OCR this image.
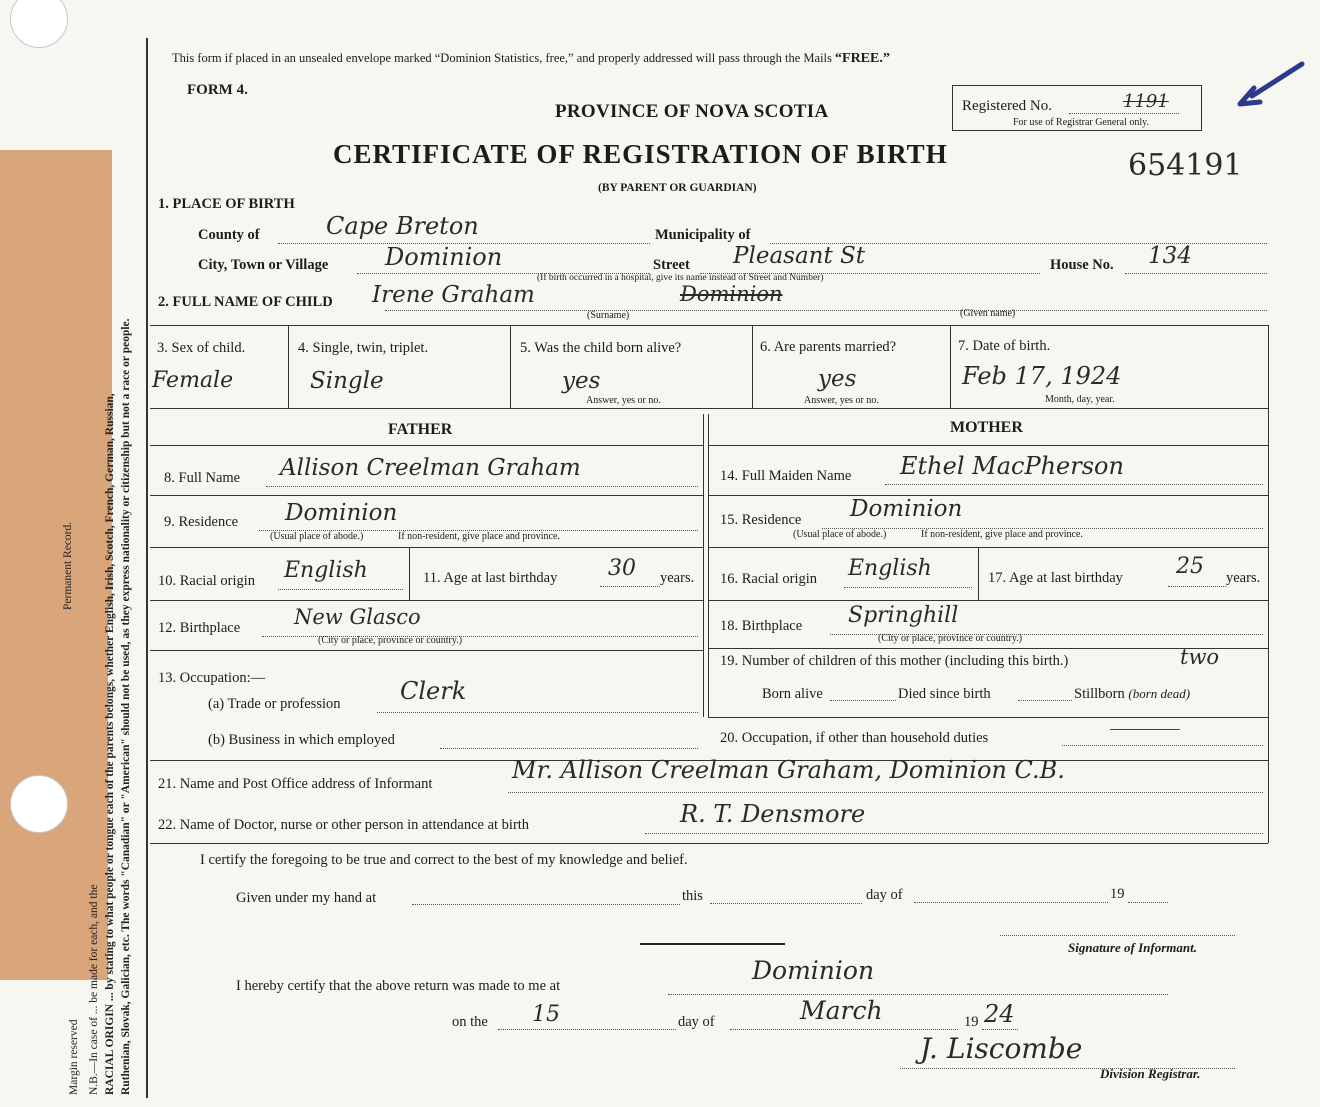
Ruthenian, Slovak, Galician, etc. The words "Canadian" or "American" should not be used, as they express nationality or citizenship but not a race or people.
RACIAL ORIGIN ... by stating to what people or tongue each of the parents belongs, whether English, Irish, Scotch, French, German, Russian,
N.B.—In case of ... be made for each, and the
Margin reserved
Permanent Record.
This form if placed in an unsealed envelope marked “Dominion Statistics, free,” and properly addressed will pass through the Mails “FREE.”
FORM 4.
PROVINCE OF NOVA SCOTIA	Registered No.	1191
For use of Registrar General only.
CERTIFICATE OF REGISTRATION OF BIRTH	654191
(BY PARENT OR GUARDIAN)
1. PLACE OF BIRTH
County of	Cape Breton	Municipality of
City, Town or Village Dominion	Street Pleasant St	House No. 134
(If birth occurred in a hospital, give its name instead of Street and Number)
2. FULL NAME OF CHILD Irene Graham	Dominion
(Surname)	(Given name)
3. Sex of child.
Female
4. Single, twin, triplet.
Single
5. Was the child born alive?
yes
Answer, yes or no.
6. Are parents married?
yes
Answer, yes or no.
7. Date of birth.
Feb 17, 1924
Month, day, year.
FATHER	MOTHER
8. Full Name Allison Creelman Graham
9. Residence Dominion
(Usual place of abode.)	If non-resident, give place and province.
10. Racial origin English	11. Age at last birthday 30 years.
12. Birthplace	New Glasco
(City or place, province or country.)
13. Occupation:—
(a) Trade or profession Clerk
(b) Business in which employed
14. Full Maiden Name Ethel MacPherson
15. Residence Dominion
(Usual place of abode.)	If non-resident, give place and province.
16. Racial origin English	17. Age at last birthday 25 years.
18. Birthplace Springhill
(City or place, province or country.)
19. Number of children of this mother (including this birth.)	two
Born alive	Died since birth	Stillborn (born dead)
20. Occupation, if other than household duties
21. Name and Post Office address of Informant	Mr. Allison Creelman Graham, Dominion C.B.
22. Name of Doctor, nurse or other person in attendance at birth	R. T. Densmore
I certify the foregoing to be true and correct to the best of my knowledge and belief.
Given under my hand at	this	day of	19
Signature of Informant.
I hereby certify that the above return was made to me at
Dominion
on the 15	day of	March	19 24
J. Liscombe
Division Registrar.
